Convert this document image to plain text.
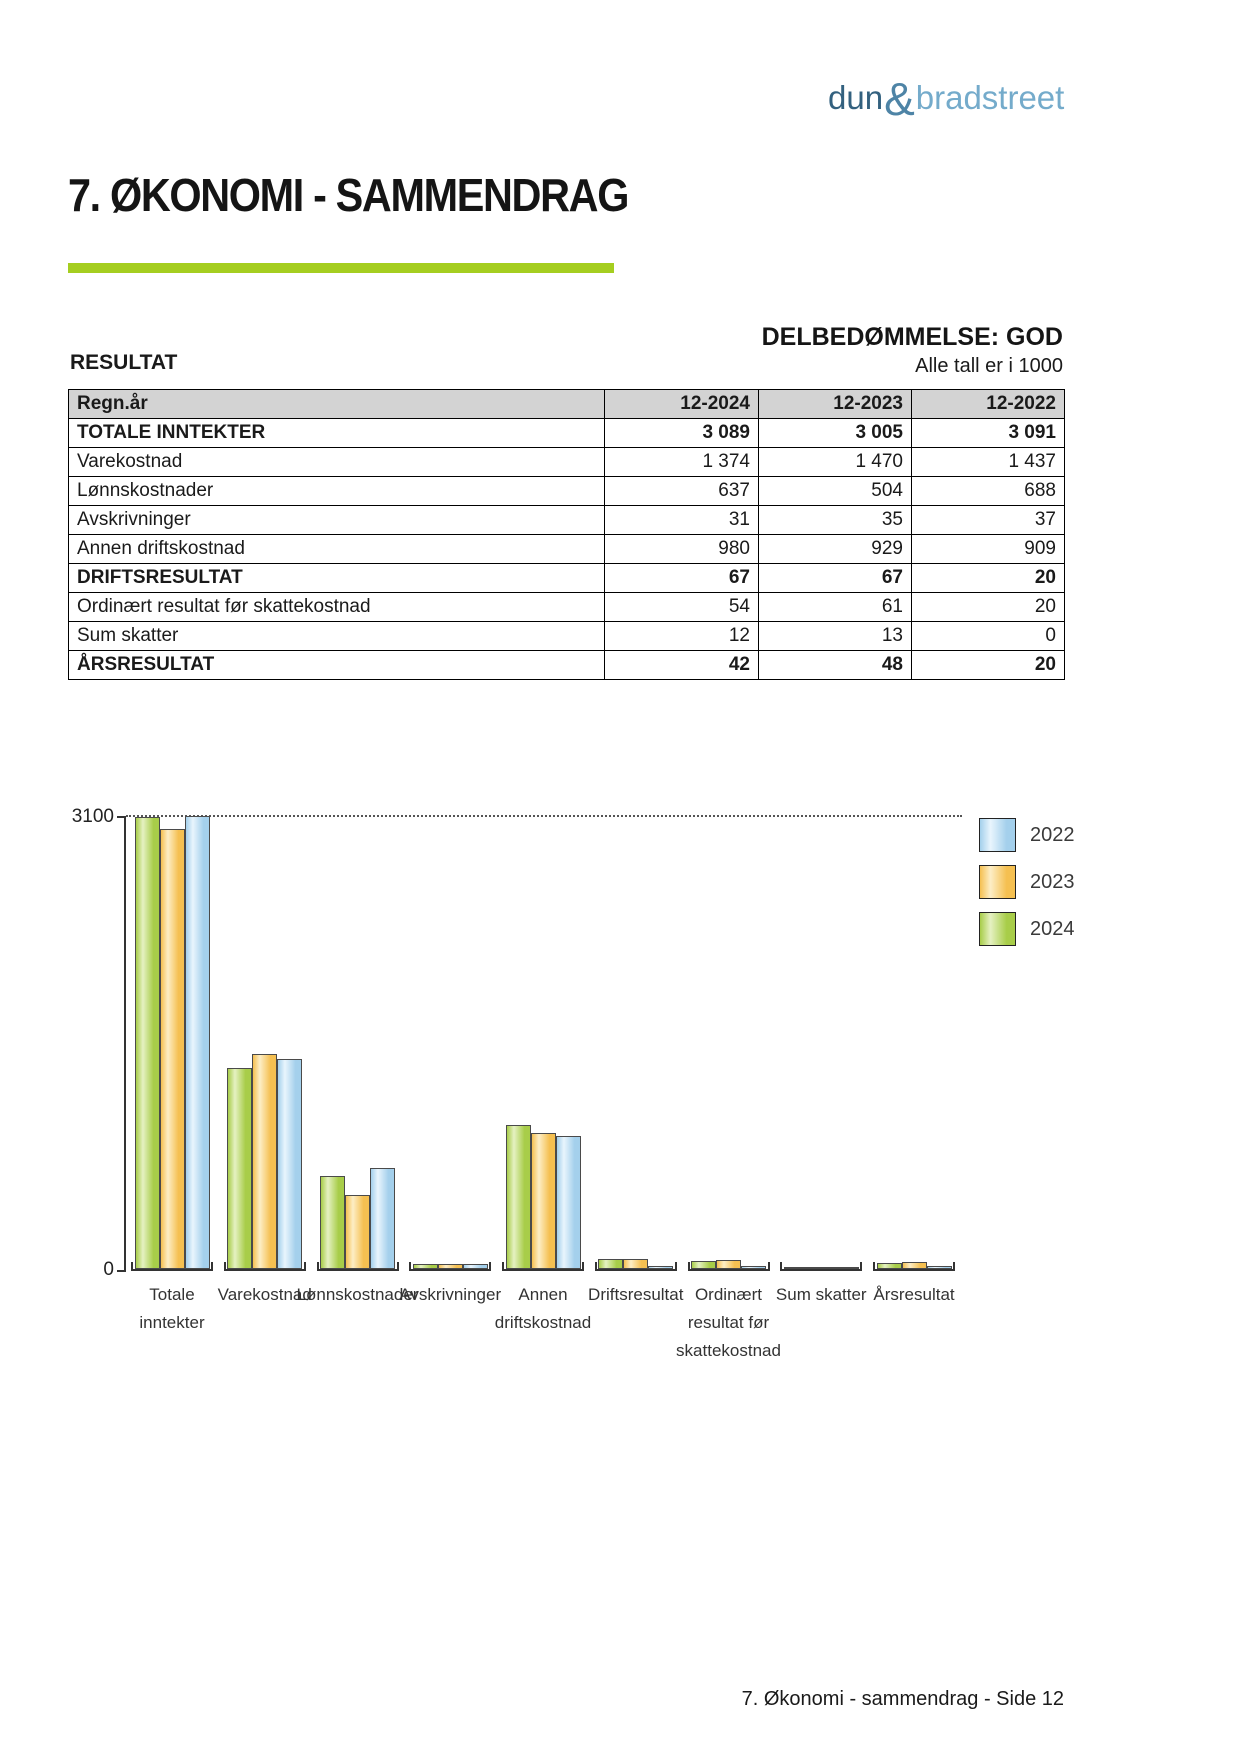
dun&bradstreet
7. ØKONOMI - SAMMENDRAG
DELBEDØMMELSE: GOD
RESULTAT	Alle tall er i 1000
Regn.år	12-2024	12-2023	12-2022
TOTALE INNTEKTER	3 089	3 005	3 091
Varekostnad	1 374	1 470	1 437
Lønnskostnader	637	504	688
Avskrivninger	31	35	37
Annen driftskostnad	980	929	909
DRIFTSRESULTAT	67	67	20
Ordinært resultat før skattekostnad	54	61	20
Sum skatter	12	13	0
ÅRSRESULTAT	42	48	20
3100
0
Totale
inntekter
Varekostnad
Lønnskostnader
Avskrivninger	Annen
driftskostnad
Driftsresultat Ordinært
resultat før
skattekostnad
Sum skatter Årsresultat
2022
2023
2024
7. Økonomi - sammendrag - Side 12
